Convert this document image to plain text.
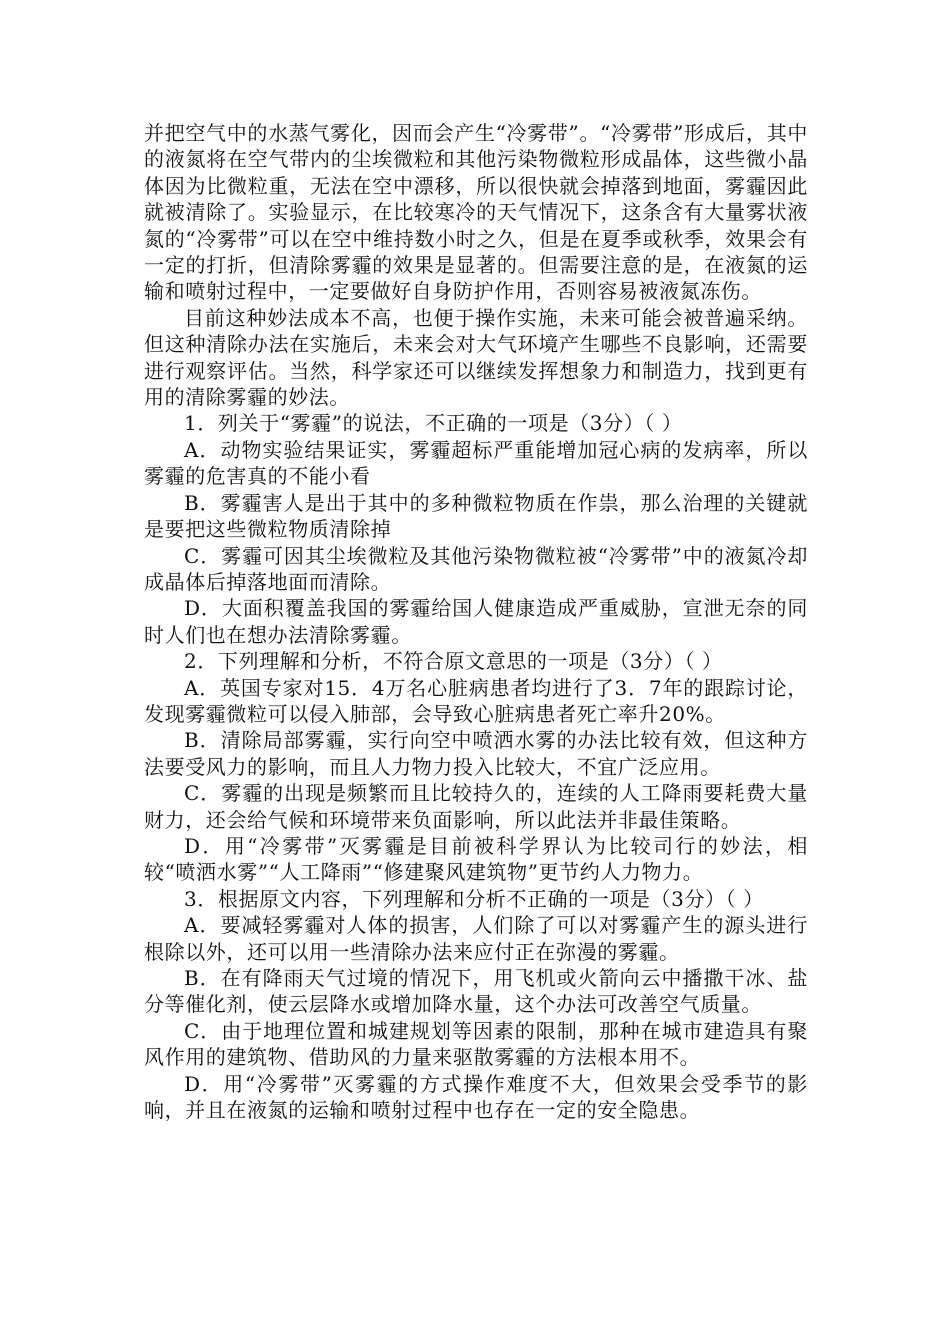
并把空气中的水蒸气雾化，因而会产生“冷雾带”。“冷雾带”形成后，其中的液氮将在空气带内的尘埃微粒和其他污染物微粒形成晶体，这些微小晶体因为比微粒重，无法在空中漂移，所以很快就会掉落到地面，雾霾因此就被清除了。实验显示，在比较寒冷的天气情况下，这条含有大量雾状液氮的“冷雾带”可以在空中维持数小时之久，但是在夏季或秋季，效果会有一定的打折，但清除雾霾的效果是显著的。但需要注意的是，在液氮的运输和喷射过程中，一定要做好自身防护作用，否则容易被液氮冻伤。

目前这种妙法成本不高，也便于操作实施，未来可能会被普遍采纳。但这种清除办法在实施后，未来会对大气环境产生哪些不良影响，还需要进行观察评估。当然，科学家还可以继续发挥想象力和制造力，找到更有用的清除雾霾的妙法。

1．列关于“雾霾”的说法，不正确的一项是（3分）（ ）

A．动物实验结果证实，雾霾超标严重能增加冠心病的发病率，所以雾霾的危害真的不能小看

B．雾霾害人是出于其中的多种微粒物质在作祟，那么治理的关键就是要把这些微粒物质清除掉

C．雾霾可因其尘埃微粒及其他污染物微粒被“冷雾带”中的液氮冷却成晶体后掉落地面而清除。

D．大面积覆盖我国的雾霾给国人健康造成严重威胁，宣泄无奈的同时人们也在想办法清除雾霾。

2．下列理解和分析，不符合原文意思的一项是（3分）（ ）

A．英国专家对15．4万名心脏病患者均进行了3．7年的跟踪讨论，发现雾霾微粒可以侵入肺部，会导致心脏病患者死亡率升20%。

B．清除局部雾霾，实行向空中喷洒水雾的办法比较有效，但这种方法要受风力的影响，而且人力物力投入比较大，不宜广泛应用。

C．雾霾的出现是频繁而且比较持久的，连续的人工降雨要耗费大量财力，还会给气候和环境带来负面影响，所以此法并非最佳策略。

D．用“冷雾带”灭雾霾是目前被科学界认为比较司行的妙法，相较“喷洒水雾”“人工降雨”“修建聚风建筑物”更节约人力物力。

3．根据原文内容，下列理解和分析不正确的一项是（3分）（ ）

A．要减轻雾霾对人体的损害，人们除了可以对雾霾产生的源头进行根除以外，还可以用一些清除办法来应付正在弥漫的雾霾。

B．在有降雨天气过境的情况下，用飞机或火箭向云中播撒干冰、盐分等催化剂，使云层降水或增加降水量，这个办法可改善空气质量。

C．由于地理位置和城建规划等因素的限制，那种在城市建造具有聚风作用的建筑物、借助风的力量来驱散雾霾的方法根本用不。

D．用“冷雾带”灭雾霾的方式操作难度不大，但效果会受季节的影响，并且在液氮的运输和喷射过程中也存在一定的安全隐患。
